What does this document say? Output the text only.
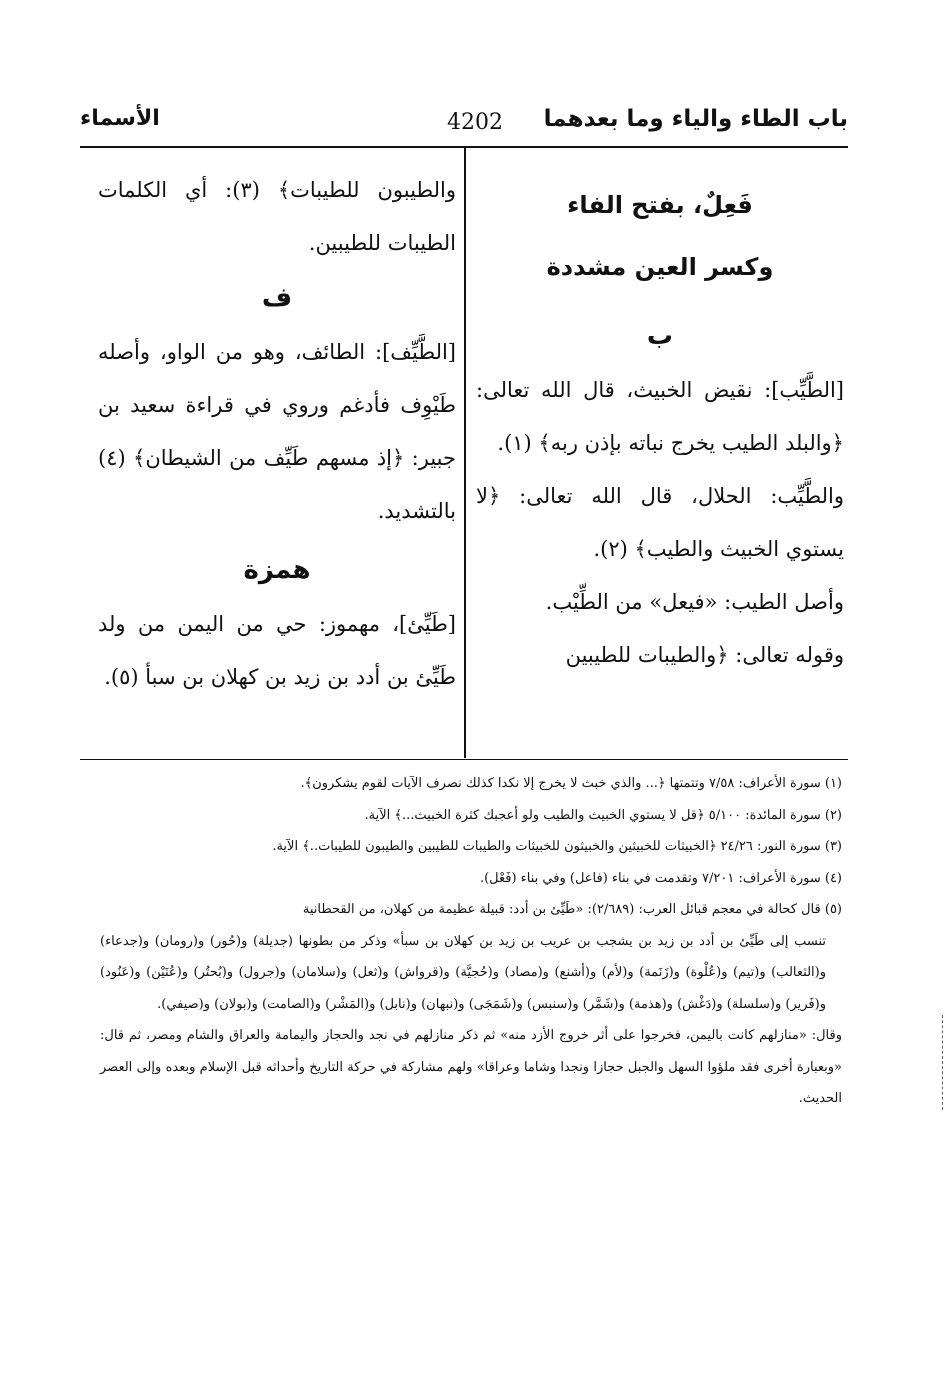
باب الطاء والياء وما بعدهما
4202
الأسماء

فَعِلٌ، بفتح الفاء

وكسر العين مشددة

ب

[الطَّيِّب]: نقيض الخبيث، قال الله تعالى: ﴿والبلد الطيب يخرج نباته بإذن ربه﴾ (١).

والطَّيِّب: الحلال، قال الله تعالى: ﴿لا يستوي الخبيث والطيب﴾ (٢).

وأصل الطيب: «فيعل» من الطِّيْب.

وقوله تعالى: ﴿والطيبات للطيبين

والطيبون للطيبات﴾ (٣): أي الكلمات الطيبات للطيبين.

ف

[الطَّيِّف]: الطائف، وهو من الواو، وأصله طَيْوِف فأدغم وروي في قراءة سعيد بن جبير: ﴿إذ مسهم طَيِّف من الشيطان﴾ (٤) بالتشديد.

همزة

[طَيِّئ]، مهموز: حي من اليمن من ولد طَيِّئ بن أدد بن زيد بن كهلان بن سبأ (٥).

(١) سورة الأعراف: ٧/٥٨ وتتمتها ﴿... والذي خبث لا يخرج إلا نكدا كذلك نصرف الآيات لقوم يشكرون﴾.

(٢) سورة المائدة: ٥/١٠٠ ﴿قل لا يستوي الخبيث والطيب ولو أعجبك كثرة الخبيث...﴾ الآية.

(٣) سورة النور: ٢٤/٢٦ ﴿الخبيثات للخبيثين والخبيثون للخبيثات والطيبات للطيبين والطيبون للطيبات..﴾ الآية.

(٤) سورة الأعراف: ٧/٢٠١ وتقدمت في بناء (فاعل) وفي بناء (فَعْل).

(٥) قال كحالة في معجم قبائل العرب: (٢/٦٨٩): «طَيِّئ بن أدد: قبيلة عظيمة من كهلان، من القحطانية

تنسب إلى طَيِّئ بن أدد بن زيد بن يشجب بن عريب بن زيد بن كهلان بن سبأ» وذكر من بطونها (جديلة) و(حُور) و(رومان) و(جدعاء) و(الثعالب) و(تيم) و(عُلْوة) و(زَنَمة) و(لأم) و(أشنع) و(مصاد) و(حُجيَّة) و(قرواش) و(ثعل) و(سلامان) و(جرول) و(بُحتُر) و(عُنَيْن) و(عَنُود) و(فَرير) و(سلسلة) و(دَغْش) و(هذمة) و(شَمَّر) و(سنبس) و(شَمَجَى) و(نبهان) و(نابل) و(المَشْر) و(الصامت) و(بولان) و(صيفي).

وقال: «منازلهم كانت باليمن، فخرجوا على أثر خروج الأزد منه» ثم ذكر منازلهم في نجد والحجاز واليمامة والعراق والشام ومصر، ثم قال: «وبعبارة أخرى فقد ملؤوا السهل والجبل حجازا ونجدا وشاما وعراقا» ولهم مشاركة في حركة التاريخ وأحداثه قبل الإسلام وبعده وإلى العصر الحديث.
